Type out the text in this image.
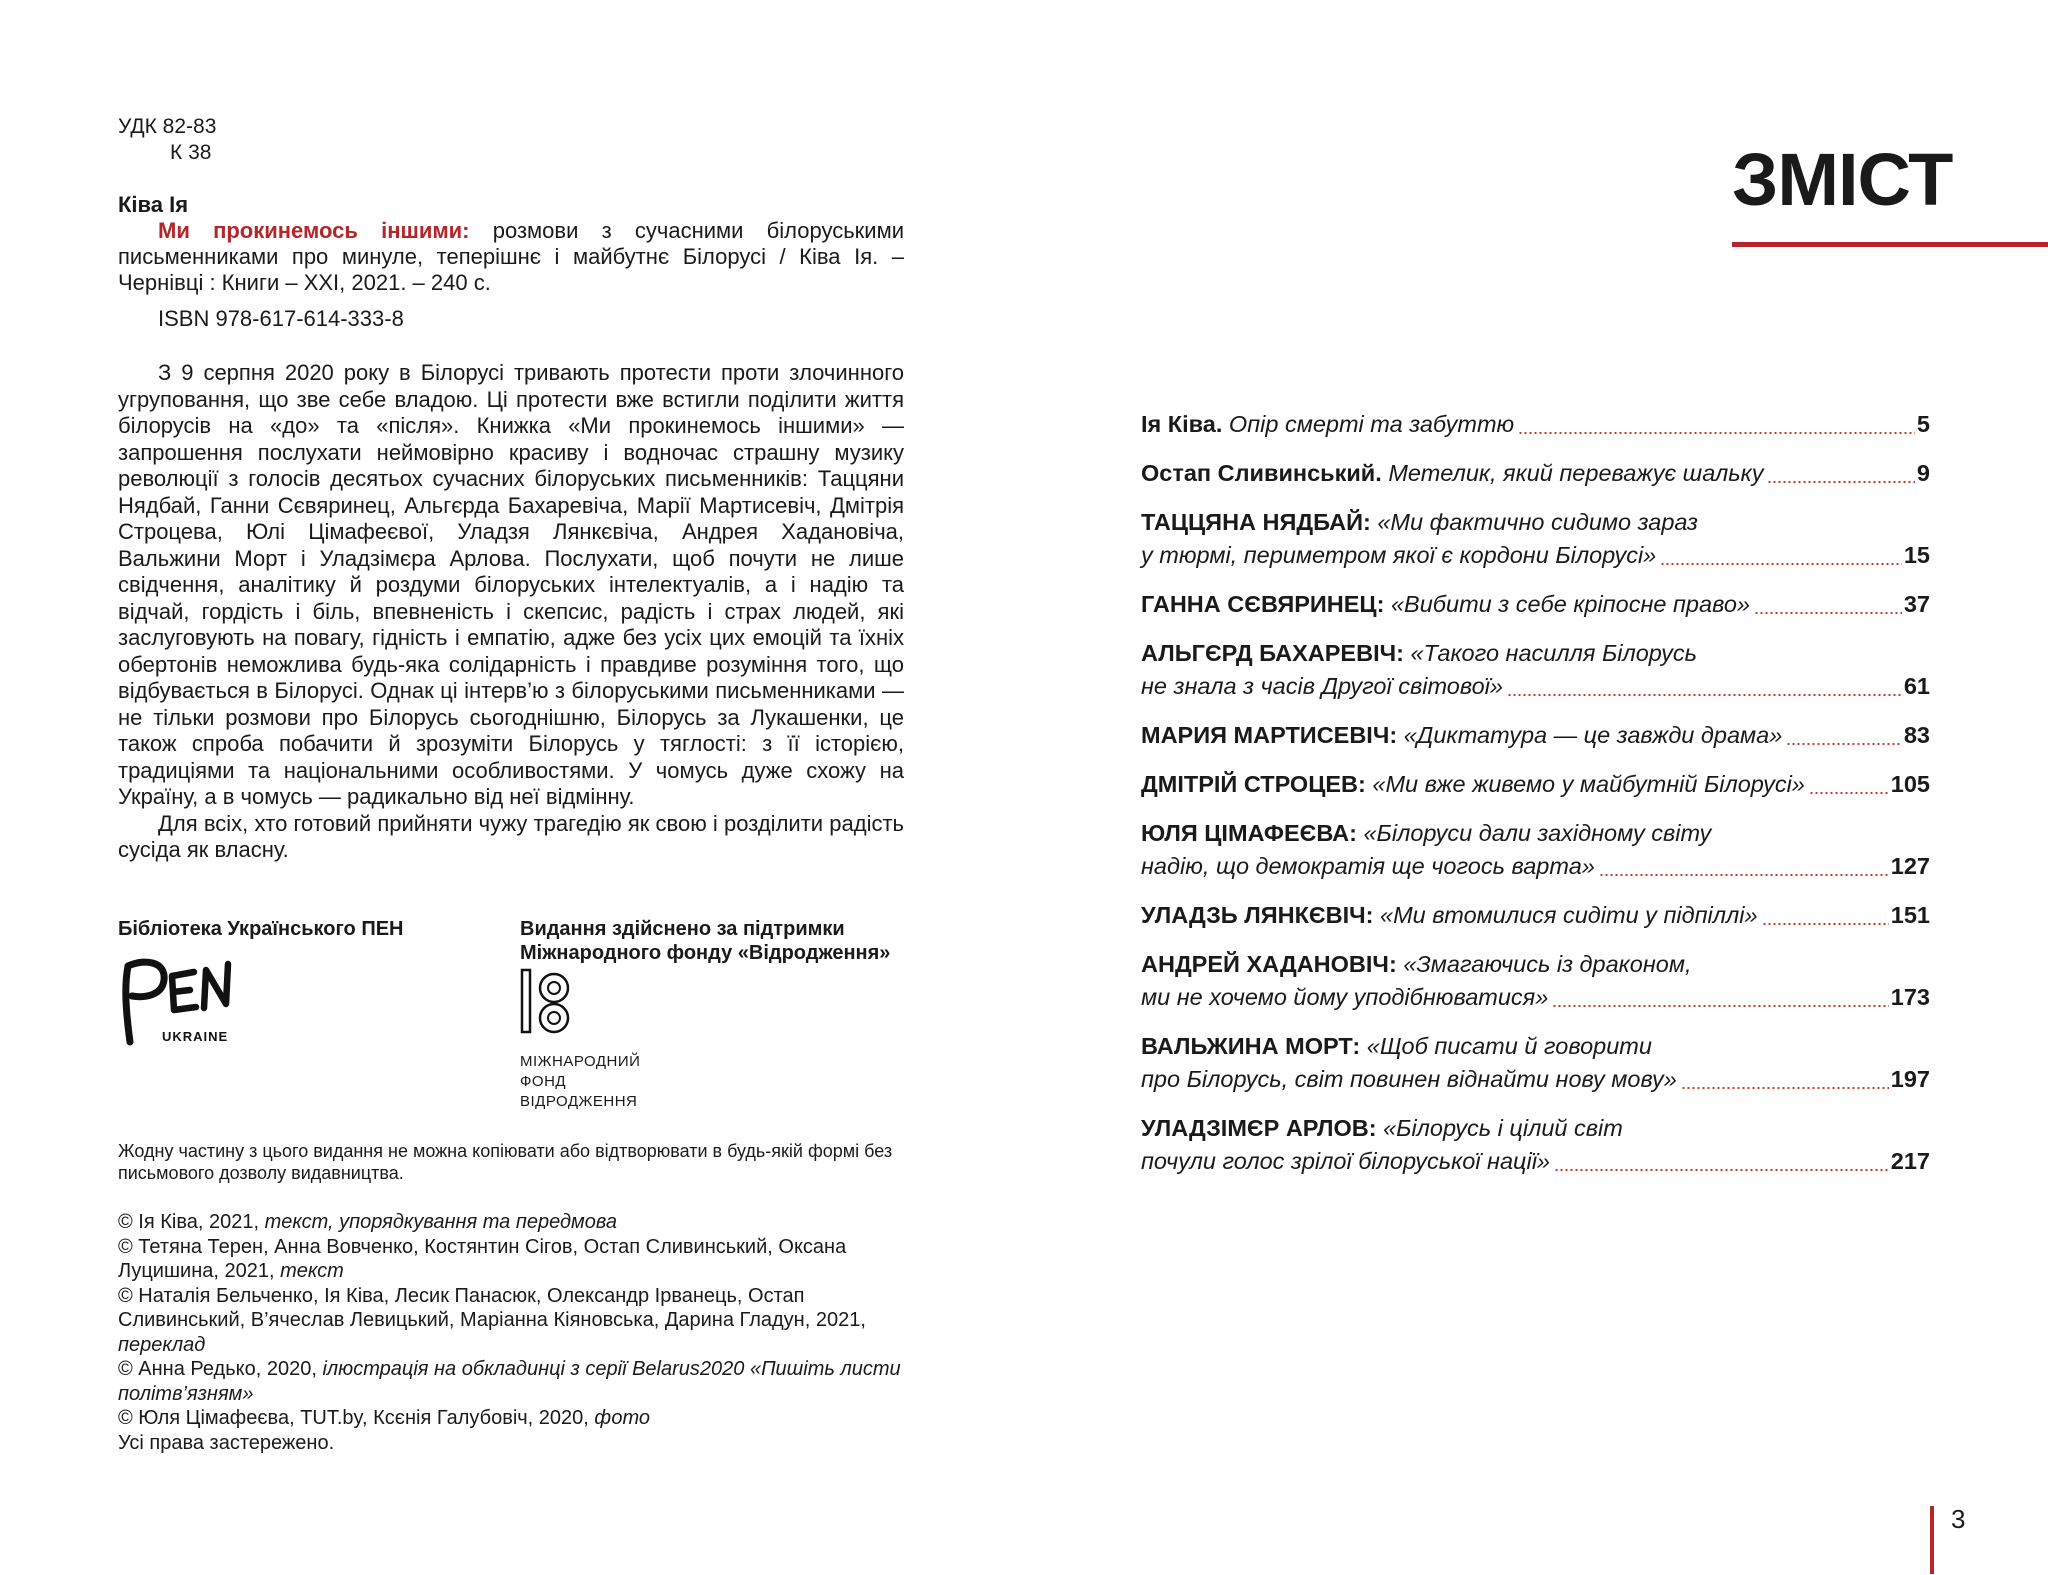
УДК 82-83
К 38
Ківа Ія
Ми прокинемось іншими: розмови з сучасними білоруськими письменниками про минуле, теперішнє і майбутнє Білорусі / Ківа Ія. – Чернівці : Книги – XXI, 2021. – 240 с.
ISBN 978-617-614-333-8

З 9 серпня 2020 року в Білорусі тривають протести проти злочинного угруповання, що зве себе владою. Ці протести вже встигли поділити життя білорусів на «до» та «після». Книжка «Ми прокинемось іншими» — запрошення послухати неймовірно красиву і водночас страшну музику революції з голосів десятьох сучасних білоруських письменників: Таццяни Нядбай, Ганни Сєвяринец, Альгєрда Бахаревіча, Марії Мартисевіч, Дмітрія Строцева, Юлі Цімафеєвої, Уладзя Лянкєвіча, Андрея Хадановіча, Вальжини Морт і Уладзімєра Арлова. Послухати, щоб почути не лише свідчення, аналітику й роздуми білоруських інтелектуалів, а і надію та відчай, гордість і біль, впевненість і скепсис, радість і страх людей, які заслуговують на повагу, гідність і емпатію, адже без усіх цих емоцій та їхніх обертонів неможлива будь-яка солідарність і правдиве розуміння того, що відбувається в Білорусі. Однак ці інтерв’ю з білоруськими письменниками — не тільки розмови про Білорусь сьогоднішню, Білорусь за Лукашенки, це також спроба побачити й зрозуміти Білорусь у тяглості: з її історією, традиціями та національними особливостями. У чомусь дуже схожу на Україну, а в чомусь — радикально від неї відмінну.

Для всіх, хто готовий прийняти чужу трагедію як свою і розділити радість сусіда як власну.

Бібліотека Українського ПЕН	Видання здійснено за підтримки
Міжнародного фонду «Відродження»
UKRAINE
МІЖНАРОДНИЙ
ФОНД
ВІДРОДЖЕННЯ
Жодну частину з цього видання не можна копіювати або відтворювати в будь-якій формі без письмового дозволу видавництва.
© Ія Ківа, 2021, текст, упорядкування та передмова
© Тетяна Терен, Анна Вовченко, Костянтин Сігов, Остап Сливинський, Оксана Луцишина, 2021, текст
© Наталія Бельченко, Ія Ківа, Лесик Панасюк, Олександр Ірванець, Остап Сливинський, В’ячеслав Левицький, Маріанна Кіяновська, Дарина Гладун, 2021, переклад
© Анна Редько, 2020, ілюстрація на обкладинці з серії Belarus2020 «Пишіть листи політв’язням»
© Юля Цімафеєва, TUT.by, Ксєнія Галубовіч, 2020, фото
Усі права застережено.
ЗМІСТ
Ія Ківа. Опір смерті та забуттю	5
Остап Сливинський. Метелик, який переважує шальку	9
ТАЦЦЯНА НЯДБАЙ: «Ми фактично сидимо зараз
у тюрмі, периметром якої є кордони Білорусі»	15
ГАННА СЄВЯРИНЕЦ: «Вибити з себе кріпосне право»	37
АЛЬГЄРД БАХАРЕВІЧ: «Такого насилля Білорусь
не знала з часів Другої світової»	61
МАРИЯ МАРТИСЕВІЧ: «Диктатура — це завжди драма»	83
ДМІТРІЙ СТРОЦЕВ: «Ми вже живемо у майбутній Білорусі»	105
ЮЛЯ ЦІМАФЕЄВА: «Білоруси дали західному світу
надію, що демократія ще чогось варта»	127
УЛАДЗЬ ЛЯНКЄВІЧ: «Ми втомилися сидіти у підпіллі»	151
АНДРЕЙ ХАДАНОВІЧ: «Змагаючись із драконом,
ми не хочемо йому уподібнюватися»	173
ВАЛЬЖИНА МОРТ: «Щоб писати й говорити
про Білорусь, світ повинен віднайти нову мову»	197
УЛАДЗІМЄР АРЛОВ: «Білорусь і цілий світ
почули голос зрілої білоруської нації»	217
3
